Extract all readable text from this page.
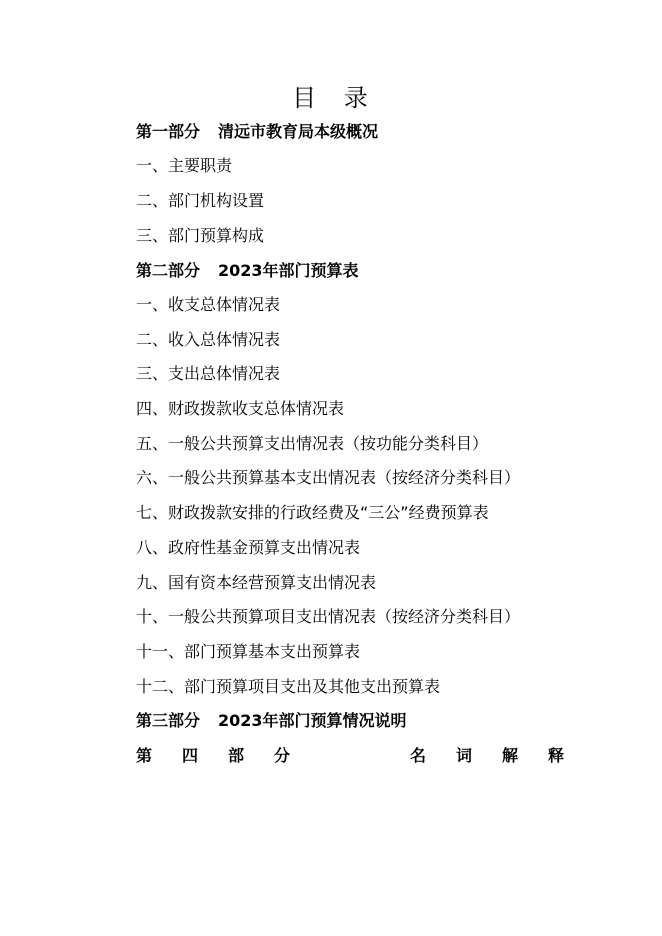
目 录
第一部分 清远市教育局本级概况
一、主要职责
二、部门机构设置
三、部门预算构成
第二部分 2023年部门预算表
一、收支总体情况表
二、收入总体情况表
三、支出总体情况表
四、财政拨款收支总体情况表
五、一般公共预算支出情况表（按功能分类科目）
六、一般公共预算基本支出情况表（按经济分类科目）
七、财政拨款安排的行政经费及“三公”经费预算表
八、政府性基金预算支出情况表
九、国有资本经营预算支出情况表
十、一般公共预算项目支出情况表（按经济分类科目）
十一、部门预算基本支出预算表
十二、部门预算项目支出及其他支出预算表
第三部分 2023年部门预算情况说明
第 四 部 分	名 词 解 释
